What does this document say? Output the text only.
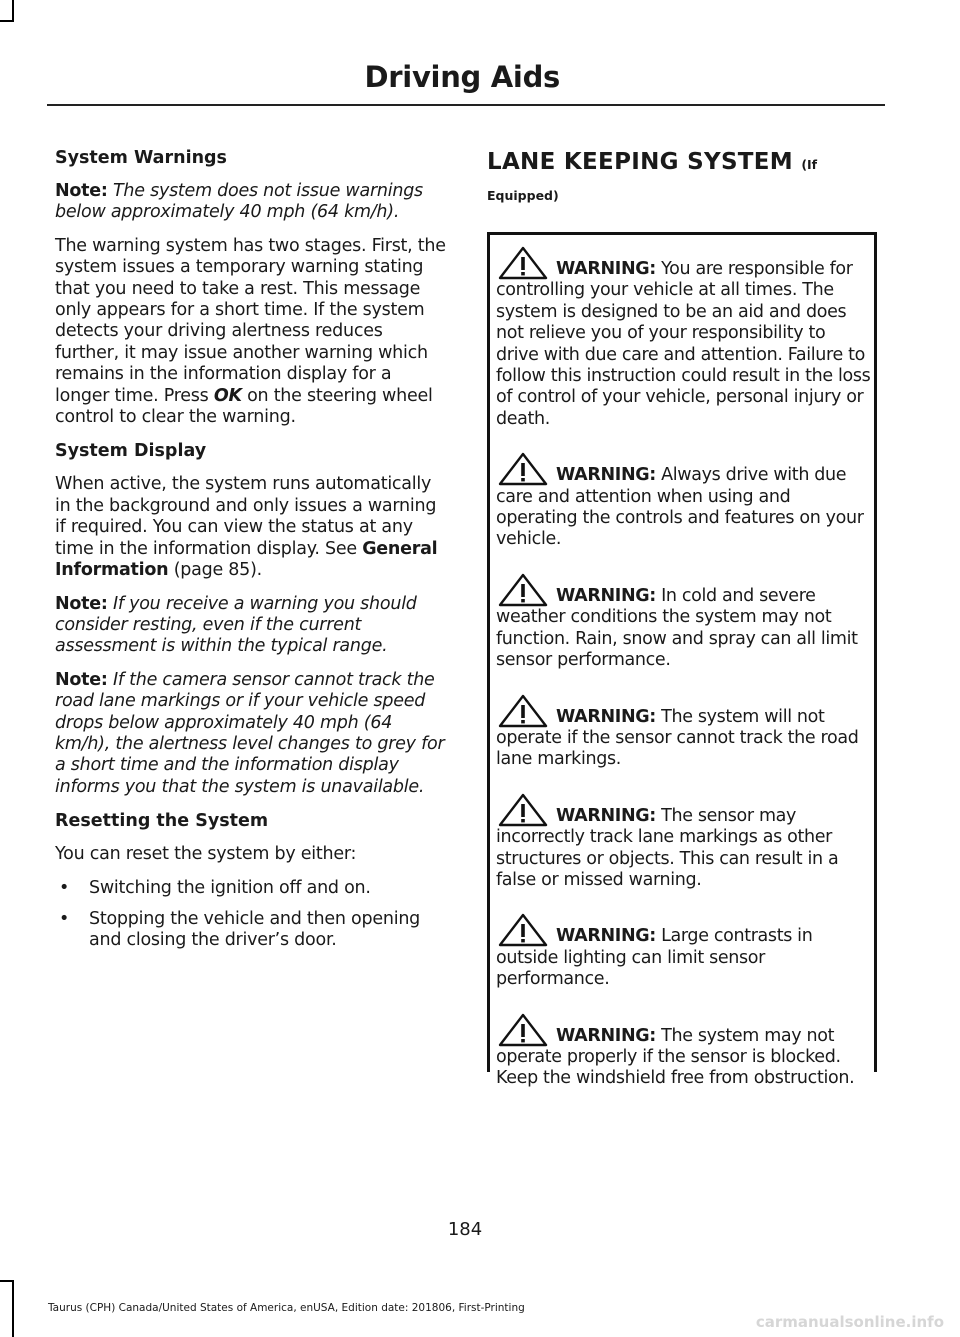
Driving Aids

System Warnings

Note: The system does not issue warnings below approximately 40 mph (64 km/h).

The warning system has two stages. First, the system issues a temporary warning stating that you need to take a rest. This message only appears for a short time. If the system detects your driving alertness reduces further, it may issue another warning which remains in the information display for a longer time. Press OK on the steering wheel control to clear the warning.

System Display

When active, the system runs automatically in the background and only issues a warning if required. You can view the status at any time in the information display. See General Information (page 85).

Note: If you receive a warning you should consider resting, even if the current assessment is within the typical range.

Note: If the camera sensor cannot track the road lane markings or if your vehicle speed drops below approximately 40 mph (64 km/h), the alertness level changes to grey for a short time and the information display informs you that the system is unavailable.

Resetting the System

You can reset the system by either:

• Switching the ignition off and on.
• Stopping the vehicle and then opening and closing the driver’s door.

LANE KEEPING SYSTEM (If

Equipped)

WARNING: You are responsible for controlling your vehicle at all times. The system is designed to be an aid and does not relieve you of your responsibility to drive with due care and attention. Failure to follow this instruction could result in the loss of control of your vehicle, personal injury or death.

WARNING: Always drive with due care and attention when using and operating the controls and features on your vehicle.

WARNING: In cold and severe weather conditions the system may not function. Rain, snow and spray can all limit sensor performance.

WARNING: The system will not operate if the sensor cannot track the road lane markings.

WARNING: The sensor may incorrectly track lane markings as other structures or objects. This can result in a false or missed warning.

WARNING: Large contrasts in outside lighting can limit sensor performance.

WARNING: The system may not operate properly if the sensor is blocked. Keep the windshield free from obstruction.

184
Taurus (CPH) Canada/United States of America, enUSA, Edition date: 201806, First-Printing
carmanualsonline.info
